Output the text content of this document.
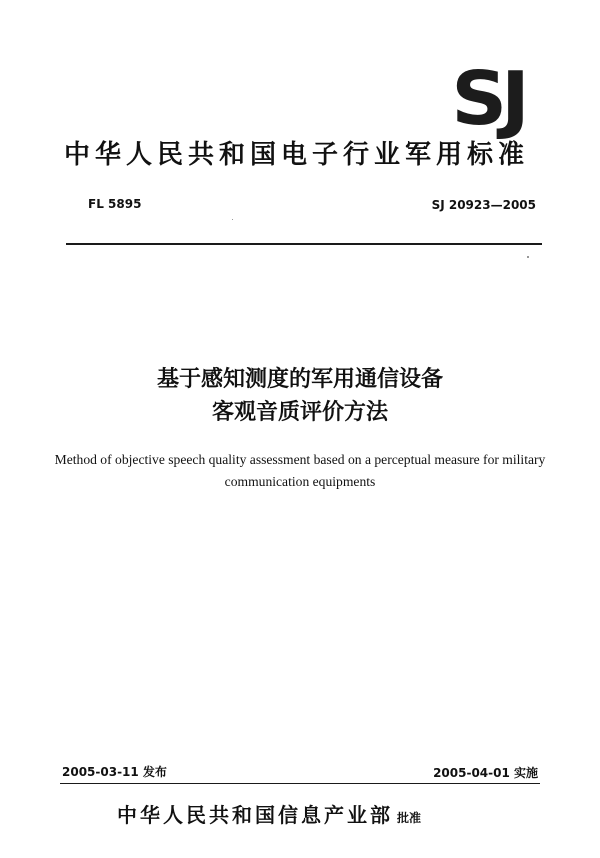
SJ
中华人民共和国电子行业军用标准
FL 5895	SJ 20923—2005
基于感知测度的军用通信设备
客观音质评价方法
Method of objective speech quality assessment based on a perceptual measure for military communication equipments
2005-03-11 发布	2005-04-01 实施
中华人民共和国信息产业部 批准
